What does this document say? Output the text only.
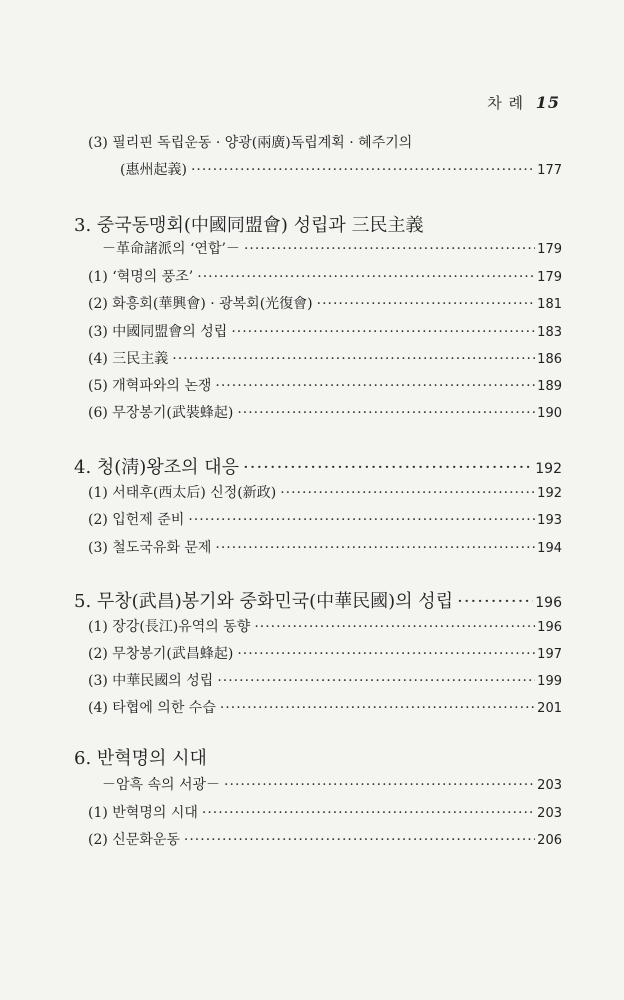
차 례 15
(3) 필리핀 독립운동 · 양광(兩廣)독립계획 · 혜주기의
(惠州起義) ·····	177
3. 중국동맹회(中國同盟會) 성립과 三民主義
－革命諸派의 ‘연합’－ ·····	179
(1) ‘혁명의 풍조’ ·····	179
(2) 화흥회(華興會) · 광복회(光復會) ·····	181
(3) 中國同盟會의 성립 ·····	183
(4) 三民主義 ·····	186
(5) 개혁파와의 논쟁 ·····	189
(6) 무장봉기(武裝蜂起) ·····	190
4. 청(淸)왕조의 대응 ·····	192
(1) 서태후(西太后) 신정(新政) ·····	192
(2) 입헌제 준비 ·····	193
(3) 철도국유화 문제 ·····	194
5. 무창(武昌)봉기와 중화민국(中華民國)의 성립 ·····	196
(1) 장강(長江)유역의 동향 ·····	196
(2) 무창봉기(武昌蜂起) ·····	197
(3) 中華民國의 성립 ·····	199
(4) 타협에 의한 수습 ·····	201
6. 반혁명의 시대
－암흑 속의 서광－ ·····	203
(1) 반혁명의 시대 ·····	203
(2) 신문화운동 ·····	206
